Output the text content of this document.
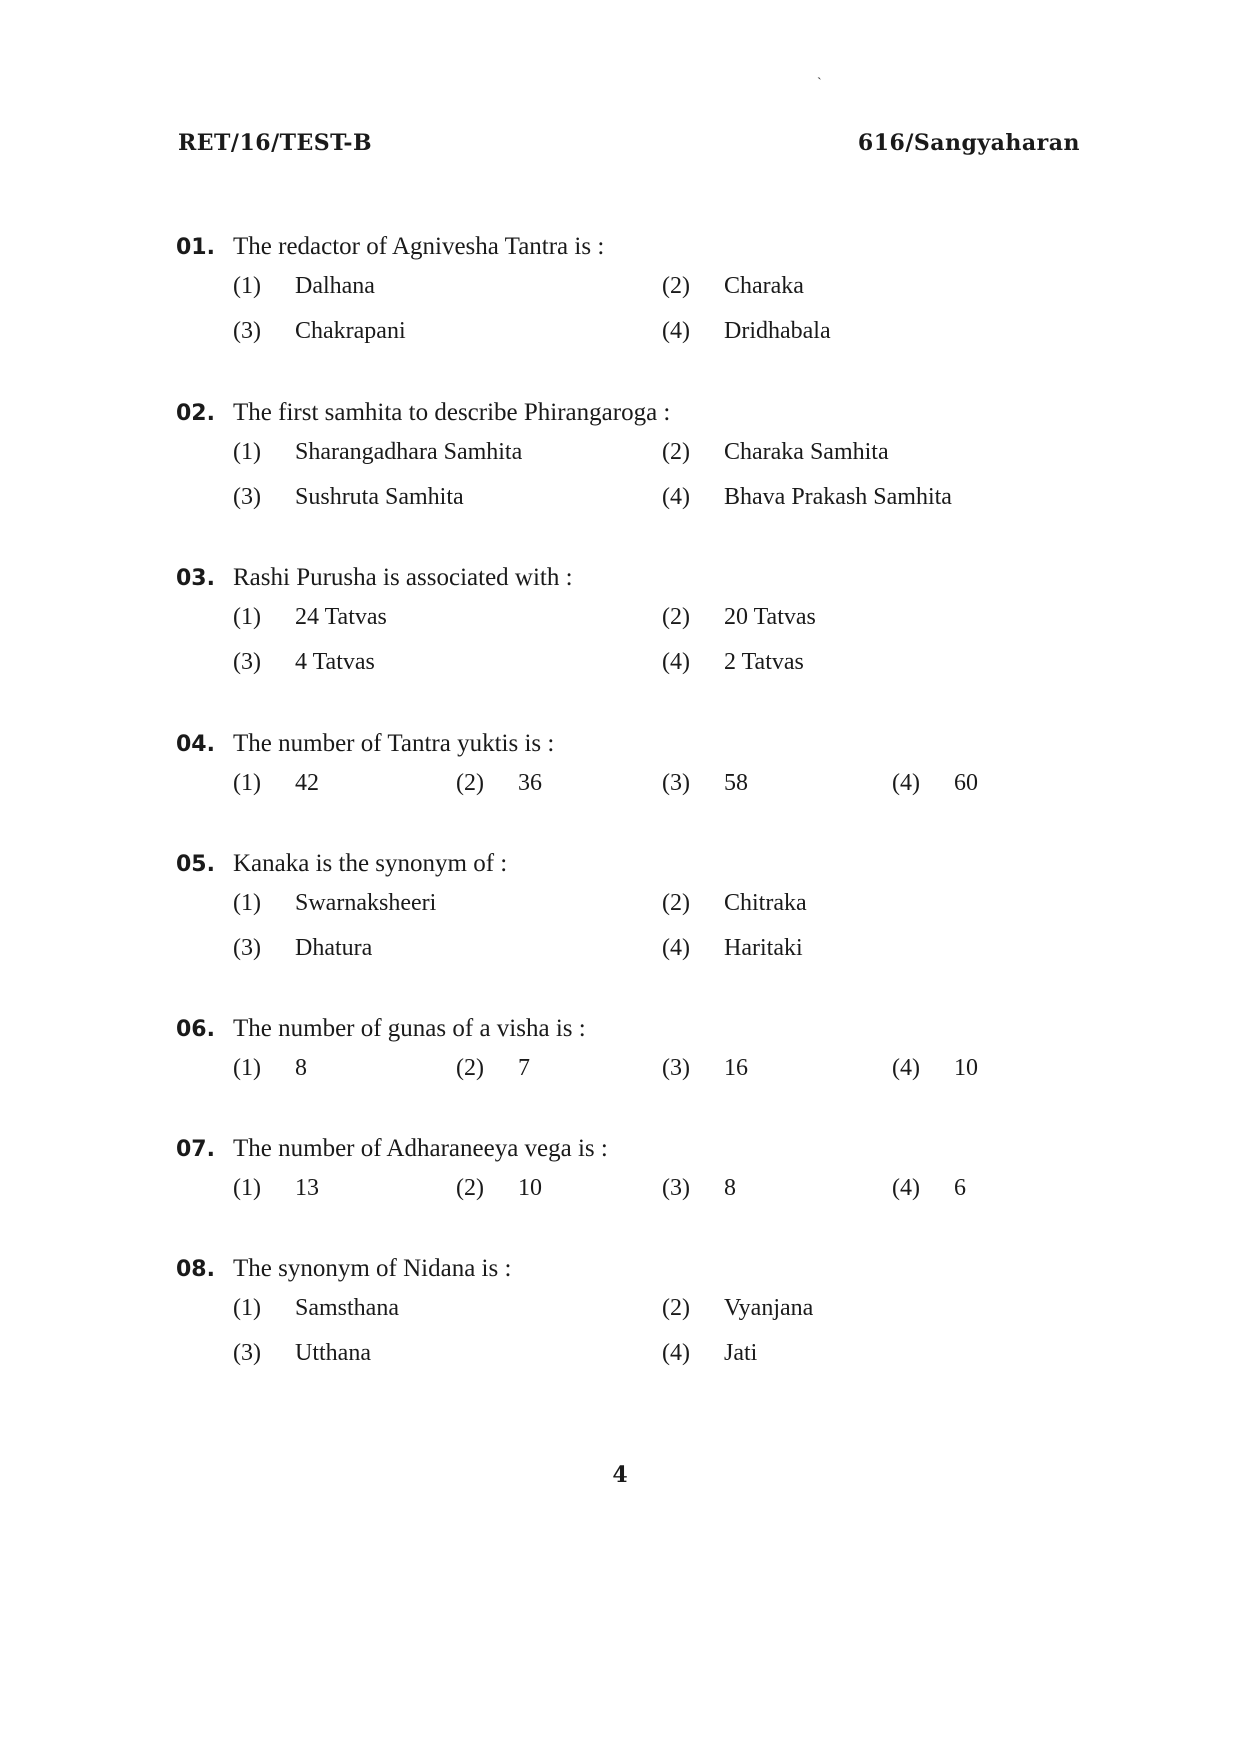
`
RET/16/TEST-B	616/Sangyaharan
01. The redactor of Agnivesha Tantra is :
(1) Dalhana	(2) Charaka
(3) Chakrapani	(4) Dridhabala
02. The first samhita to describe Phirangaroga :
(1) Sharangadhara Samhita	(2) Charaka Samhita
(3) Sushruta Samhita	(4) Bhava Prakash Samhita
03. Rashi Purusha is associated with :
(1) 24 Tatvas	(2) 20 Tatvas
(3) 4 Tatvas	(4) 2 Tatvas
04. The number of Tantra yuktis is :
(1) 42	(2) 36	(3) 58	(4) 60
05. Kanaka is the synonym of :
(1) Swarnaksheeri	(2) Chitraka
(3) Dhatura	(4) Haritaki
06. The number of gunas of a visha is :
(1) 8	(2) 7	(3) 16	(4) 10
07. The number of Adharaneeya vega is :
(1) 13	(2) 10	(3) 8	(4) 6
08. The synonym of Nidana is :
(1) Samsthana	(2) Vyanjana
(3) Utthana	(4) Jati
4
